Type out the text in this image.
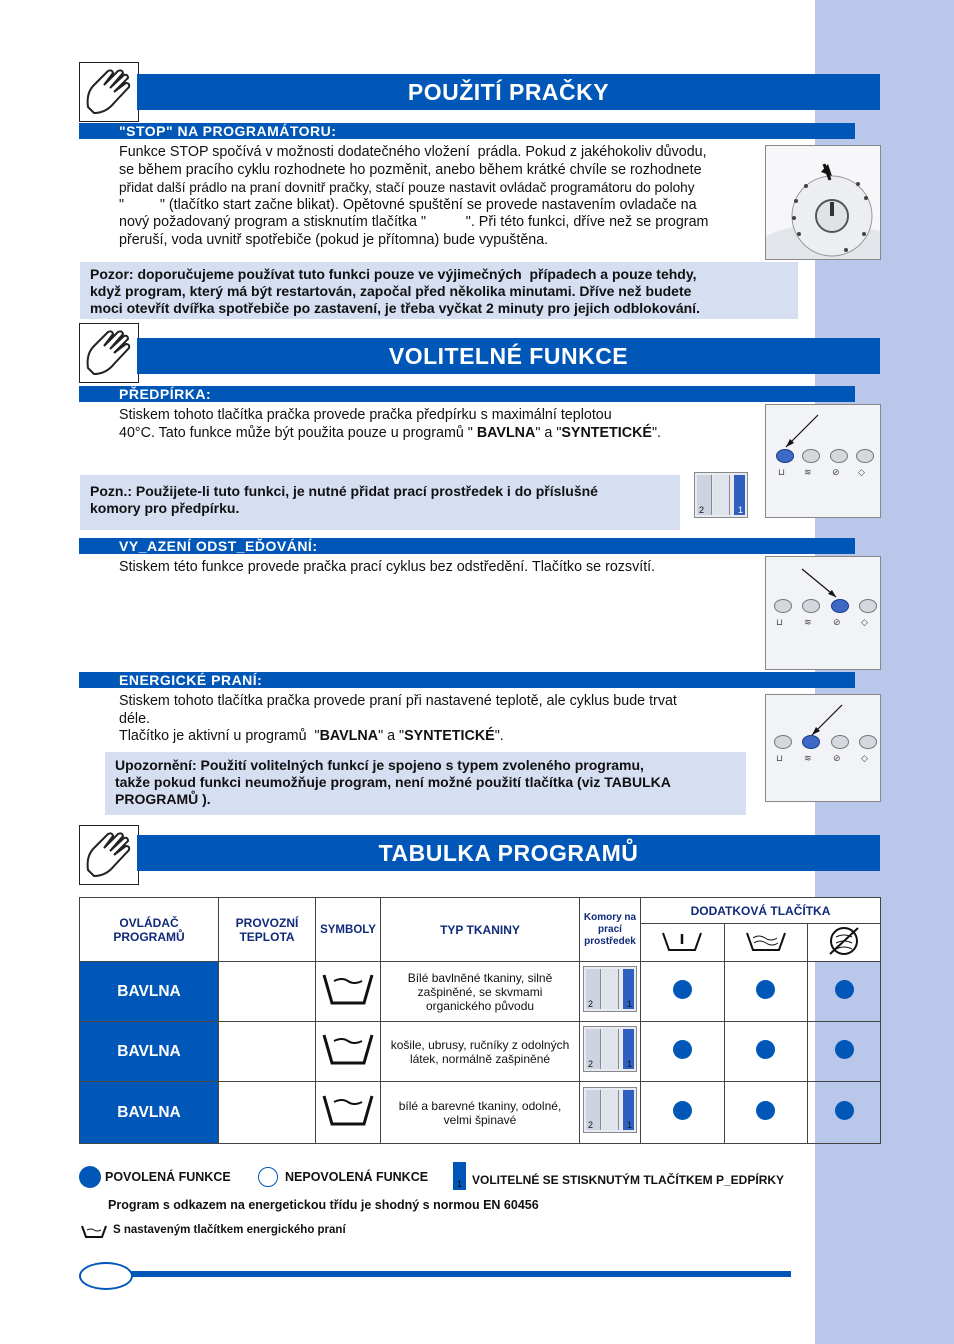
POUŽITÍ PRAČKY
"STOP" NA PROGRAMÁTORU:
Funkce STOP spočívá v možnosti dodatečného vložení  prádla. Pokud z jakéhokoliv důvodu,
se během pracího cyklu rozhodnete ho pozměnit, anebo během krátké chvíle se rozhodnete
přidat další prádlo na praní dovnitř pračky, stačí pouze nastavit ovládač programátoru do polohy
"         " (tlačítko start začne blikat). Opětovné spuštění se provede nastavením ovladače na
nový požadovaný program a stisknutím tlačítka "          ". Při této funkci, dříve než se program
přeruší, voda uvnitř spotřebiče (pokud je přítomna) bude vypuštěna.
Pozor: doporučujeme používat tuto funkci pouze ve výjimečných  případech a pouze tehdy,
když program, který má být restartován, započal před několika minutami. Dříve než budete
moci otevřít dvířka spotřebiče po zastavení, je třeba vyčkat 2 minuty pro jejich odblokování.
VOLITELNÉ FUNKCE
PŘEDPÍRKA:
Stiskem tohoto tlačítka pračka provede pračka předpírku s maximální teplotou
40°C. Tato funkce může být použita pouze u programů " BAVLNA" a "SYNTETICKÉ".
⊔ ≋ ⊘ ◇
Pozn.: Použijete-li tuto funkci, je nutné přidat prací prostředek i do příslušné
komory pro předpírku.	2	1
VY_AZENÍ ODST_EĎOVÁNÍ:
Stiskem této funkce provede pračka prací cyklus bez odstředění. Tlačítko se rozsvítí.
⊔ ≋ ⊘ ◇
ENERGICKÉ PRANÍ:
Stiskem tohoto tlačítka pračka provede praní při nastavené teplotě, ale cyklus bude trvat
déle.
Tlačítko je aktivní u programů  "BAVLNA" a "SYNTETICKÉ".
⊔ ≋ ⊘ ◇
Upozornění: Použití volitelných funkcí je spojeno s typem zvoleného programu,
takže pokud funkci neumožňuje program, není možné použití tlačítka (viz TABULKA
PROGRAMŮ ).
TABULKA PROGRAMŮ
OVLÁDAČ PROGRAMŮ	PROVOZNÍ TEPLOTA	SYMBOLY	TYP TKANINY	Komory na prací prostředek	DODATKOVÁ TLAČÍTKA		

BAVLNA			Bílé bavlněné tkaniny, silně zašpiněné, se skvmami organického původu	2 1			

BAVLNA			košile, ubrusy, ručníky z odolných látek, normálně zašpiněné	2 1			

BAVLNA			bílé a barevné tkaniny, odolné, velmi špinavé	2 1			

POVOLENÁ FUNKCE	NEPOVOLENÁ FUNKCE	1 VOLITELNÉ SE STISKNUTÝM TLAČÍTKEM P_EDPÍRKY
Program s odkazem na energetickou třídu je shodný s normou EN 60456
S nastaveným tlačítkem energického praní
